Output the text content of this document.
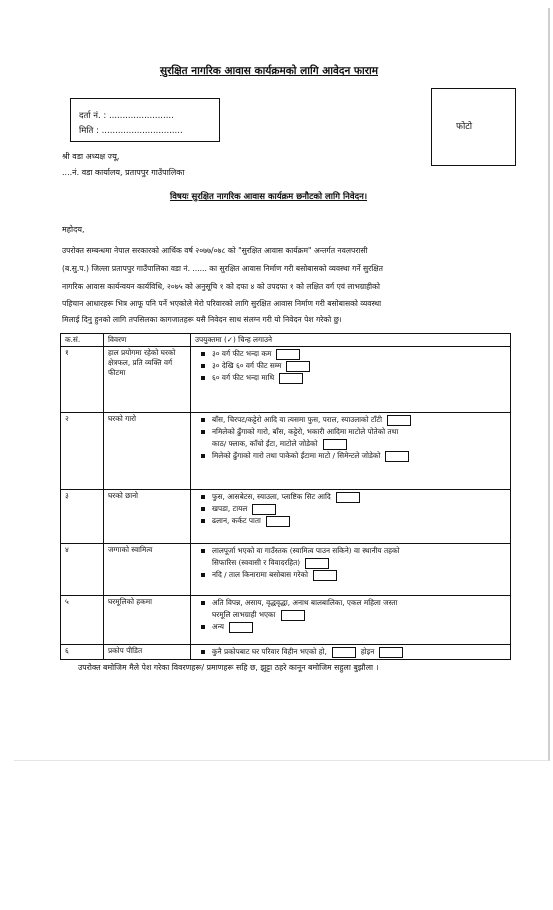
सुरक्षित नागरिक आवास कार्यक्रमको लागि आवेदन फाराम
दर्ता नं. : ........................
मिति : ..............................	फोटो
श्री वडा अध्यक्ष ज्यू,
....नं. वडा कार्यालय, प्रतापपुर गाउँपालिका
विषयः सुरक्षित नागरिक आवास कार्यक्रम छनौटको लागि निवेदन।
महोदय,
उपरोक्त सम्बन्धमा नेपाल सरकारको आर्थिक वर्ष २०७७/०७८ को "सुरक्षित आवास कार्यक्रम" अन्तर्गत नवलपरासी
(ब.सु.प.) जिल्ला प्रतापपुर गाउँपालिका वडा नं. ...... का सुरक्षित आवास निर्माण गरी बसोबासको व्यवस्था गर्ने सुरक्षित
नागरिक आवास कार्यन्वयन कार्यविधि, २०७५ को अनुसूचि १ को दफा ४ को उपदफा १ को लक्षित वर्ग एवं लाभग्राहीको
पहिचान आधारहरू भित्र आफू पनि पर्ने भएकोले मेरो परिवारको लागि सुरक्षित आवास निर्माण गरी बसोबासको व्यवस्था
मिलाई दिनु हुनको लागि तपसिलका कागजातहरू यसै निवेदन साथ संलग्न गरी यो निवेदन पेश गरेको छु।
क.सं.	विवरण	उपयुक्तमा (✓) चिन्ह लगाउने
१	हाल प्रयोगमा रहेको घरको क्षेत्रफल, प्रति व्यक्ति वर्ग फीटमा	३० वर्ग फीट भन्दा कम
३० देखि ६० वर्ग फीट सम्म
६० वर्ग फीट भन्दा माथि

२	घरको गारो	बाँस, चिरपट/कट्टेरो आदि वा त्यसमा फुस, पराल, स्याउलाको टाँटी
नमिलेको ढुँगाको गारो, बाँस, कट्टेरो, भकारी आदिमा माटोले पोतेको तथा
काठ/ फ्लाक, काँचो ईंटा, माटोले जोडेको
मिलेको ढुँगाको गारो तथा पाकेको ईंटामा माटो / सिमेन्टले जोडेको

३	घरको छानो	फुस, आसबेटस, स्याउला, प्लाष्टिक सिट आदि
खपडा, टायल
ढलान, कर्कट पाता

४	जग्गाको स्वामित्व	लालपूर्जा भएको वा गाउँस्तक (स्वामित्व पाउन सकिने) वा स्थानीय तहको
सिफारिस (स्ववासी र विवादरहित)
नदि / ताल किनारामा बसोबास गरेको

५	घरमूलिको हकमा	अति विपन्न, असाय, वृद्धवृद्धा, अनाथ बालबालिका, एकल महिला जस्ता
घरमूलि लाभग्राही भएका
अन्य

६	प्रकोप पीडित	कुनै प्रकोपबाट घर परिवार विहीन भएको हो, होइन
उपरोक्त बमोजिम मैले पेश गरेका विवरणहरू/ प्रमाणहरू सहि छ, झुट्टा ठहरे कानून बमोजिम सहुला बुझौला ।
